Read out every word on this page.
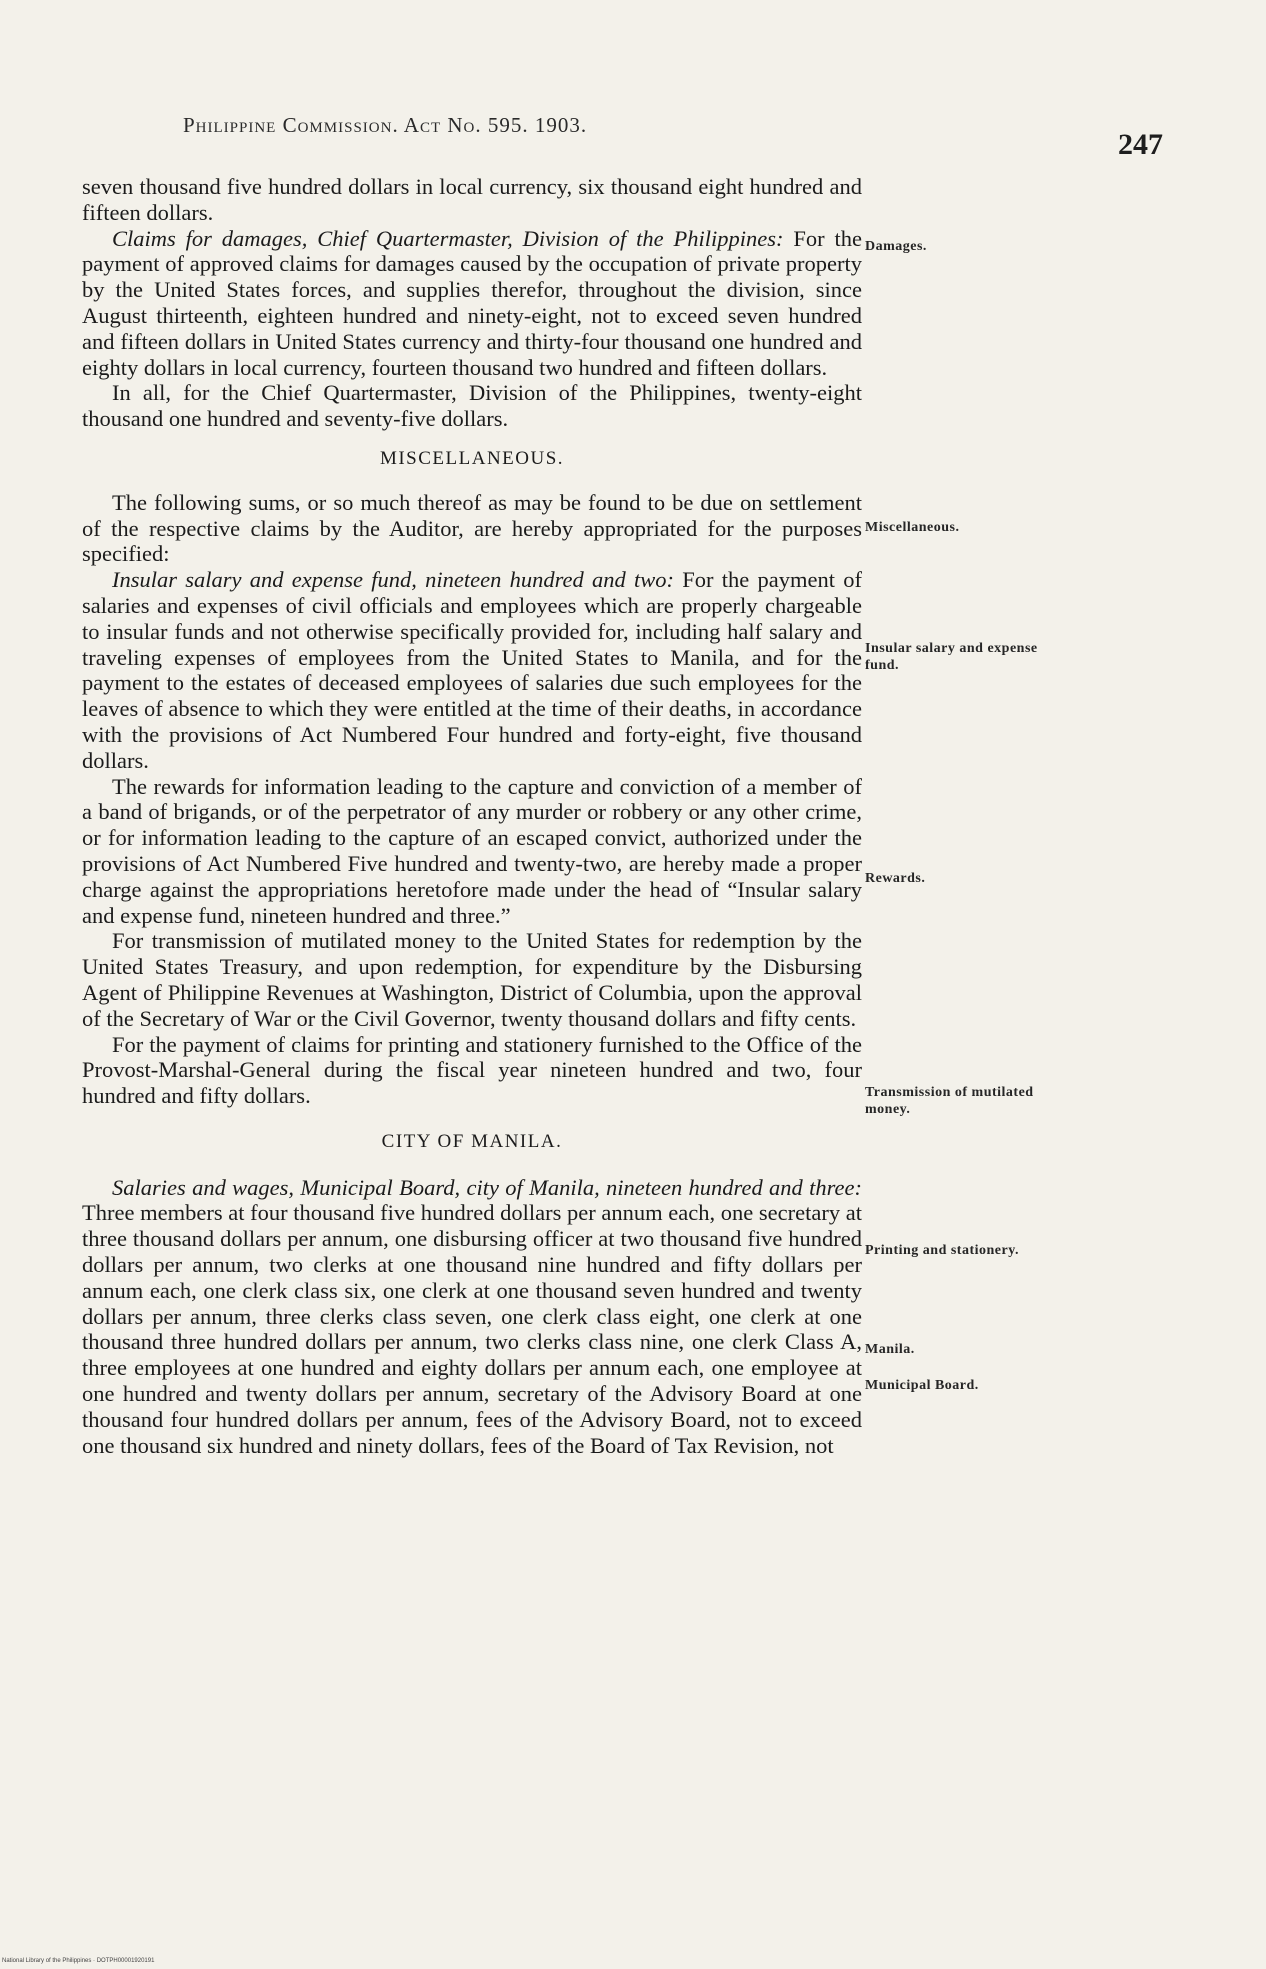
Philippine Commission. Act No. 595. 1903.
247

seven thousand five hundred dollars in local currency, six thousand eight hundred and fifteen dollars.

Claims for damages, Chief Quartermaster, Division of the Philippines: For the payment of approved claims for damages caused by the occupation of private property by the United States forces, and supplies therefor, throughout the division, since August thirteenth, eighteen hundred and ninety-eight, not to exceed seven hundred and fifteen dollars in United States currency and thirty-four thousand one hundred and eighty dollars in local currency, fourteen thousand two hundred and fifteen dollars.

In all, for the Chief Quartermaster, Division of the Philippines, twenty-eight thousand one hundred and seventy-five dollars.

MISCELLANEOUS.

The following sums, or so much thereof as may be found to be due on settlement of the respective claims by the Auditor, are hereby appropriated for the purposes specified:

Insular salary and expense fund, nineteen hundred and two: For the payment of salaries and expenses of civil officials and employees which are properly chargeable to insular funds and not otherwise specifically provided for, including half salary and traveling expenses of employees from the United States to Manila, and for the payment to the estates of deceased employees of salaries due such employees for the leaves of absence to which they were entitled at the time of their deaths, in accordance with the provisions of Act Numbered Four hundred and forty-eight, five thousand dollars.

The rewards for information leading to the capture and conviction of a member of a band of brigands, or of the perpetrator of any murder or robbery or any other crime, or for information leading to the capture of an escaped convict, authorized under the provisions of Act Numbered Five hundred and twenty-two, are hereby made a proper charge against the appropriations heretofore made under the head of “Insular salary and expense fund, nineteen hundred and three.”

For transmission of mutilated money to the United States for redemption by the United States Treasury, and upon redemption, for expenditure by the Disbursing Agent of Philippine Revenues at Washington, District of Columbia, upon the approval of the Secretary of War or the Civil Governor, twenty thousand dollars and fifty cents.

For the payment of claims for printing and stationery furnished to the Office of the Provost-Marshal-General during the fiscal year nineteen hundred and two, four hundred and fifty dollars.

CITY OF MANILA.

Salaries and wages, Municipal Board, city of Manila, nineteen hundred and three: Three members at four thousand five hundred dollars per annum each, one secretary at three thousand dollars per annum, one disbursing officer at two thousand five hundred dollars per annum, two clerks at one thousand nine hundred and fifty dollars per annum each, one clerk class six, one clerk at one thousand seven hundred and twenty dollars per annum, three clerks class seven, one clerk class eight, one clerk at one thousand three hundred dollars per annum, two clerks class nine, one clerk Class A, three employees at one hundred and eighty dollars per annum each, one employee at one hundred and twenty dollars per annum, secretary of the Advisory Board at one thousand four hundred dollars per annum, fees of the Advisory Board, not to exceed one thousand six hundred and ninety dollars, fees of the Board of Tax Revision, not

Damages.
Miscellaneous.
Insular salary and expense fund.
Rewards.
Transmission of mutilated money.
Printing and stationery.
Manila.
Municipal Board.
National Library of the Philippines · DOTPH00001920191
